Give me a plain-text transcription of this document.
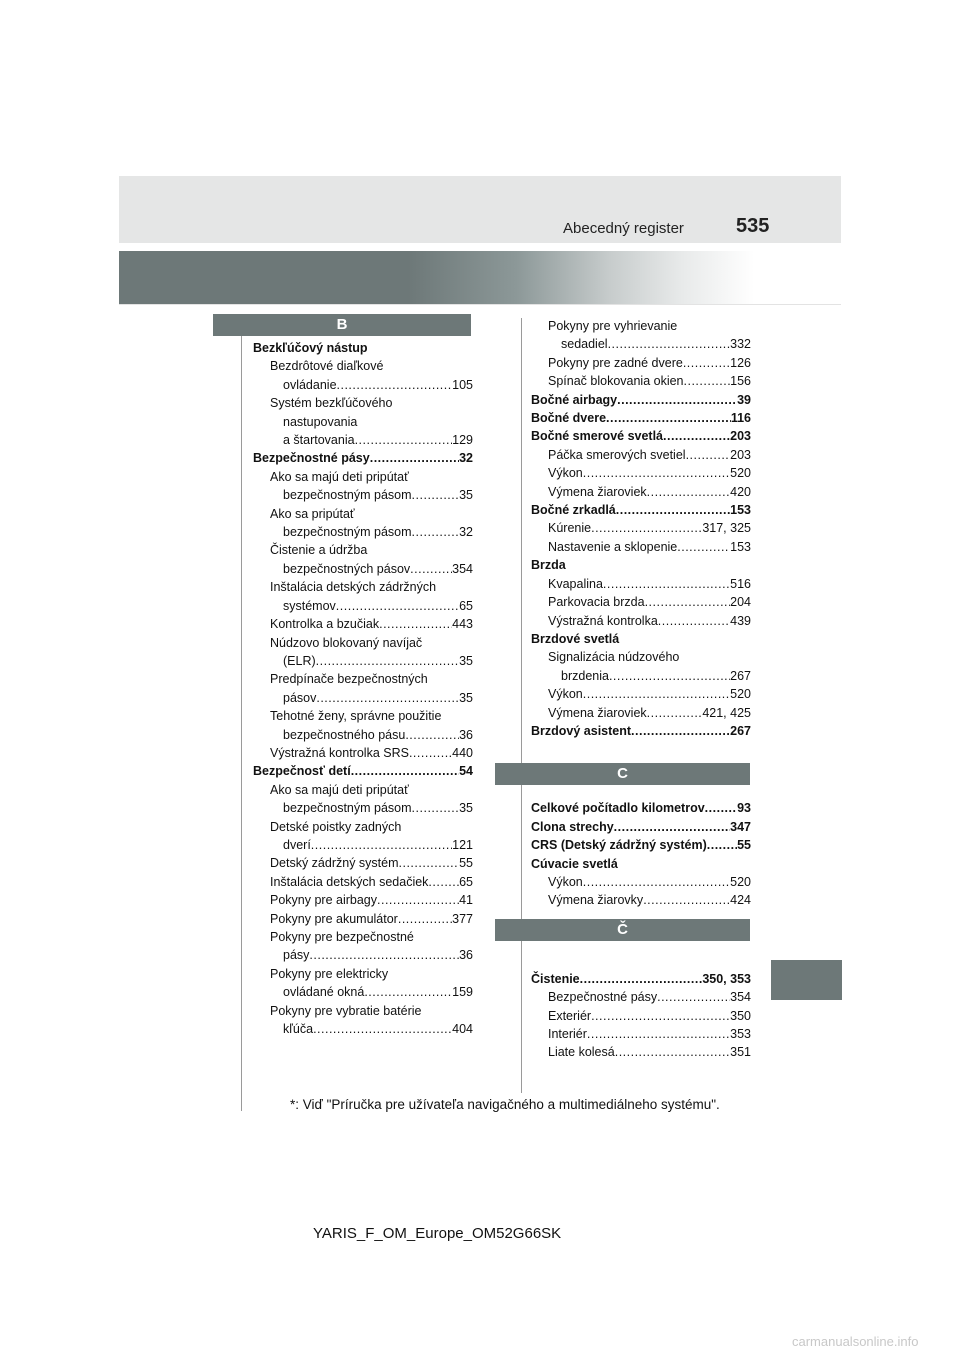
Abecedný register	535
B
Bezkľúčový nástup
Bezdrôtové diaľkové
ovládanie .....	105
Systém bezkľúčového
nastupovania
a štartovania .....	129
Bezpečnostné pásy .....	32
Ako sa majú deti pripútať
bezpečnostným pásom .....	35
Ako sa pripútať
bezpečnostným pásom .....	32
Čistenie a údržba
bezpečnostných pásov .....	354
Inštalácia detských zádržných
systémov .....	65
Kontrolka a bzučiak .....	443
Núdzovo blokovaný navíjač
(ELR) .....	35
Predpínače bezpečnostných
pásov .....	35
Tehotné ženy, správne použitie
bezpečnostného pásu .....	36
Výstražná kontrolka SRS .....	440
Bezpečnosť detí .....	54
Ako sa majú deti pripútať
bezpečnostným pásom .....	35
Detské poistky zadných
dverí .....	121
Detský zádržný systém .....	55
Inštalácia detských sedačiek ..... 65
Pokyny pre airbagy .....	41
Pokyny pre akumulátor .....	377
Pokyny pre bezpečnostné
pásy .....	36
Pokyny pre elektricky
ovládané okná .....	159
Pokyny pre vybratie batérie
kľúča .....	404
Pokyny pre vyhrievanie
sedadiel .....	332
Pokyny pre zadné dvere .....	126
Spínač blokovania okien .....	156
Bočné airbagy .....	39
Bočné dvere .....	116
Bočné smerové svetlá .....	203
Páčka smerových svetiel .....	203
Výkon .....	520
Výmena žiaroviek .....	420
Bočné zrkadlá .....	153
Kúrenie .....	317, 325
Nastavenie a sklopenie .....	153
Brzda
Kvapalina .....	516
Parkovacia brzda .....	204
Výstražná kontrolka .....	439
Brzdové svetlá
Signalizácia núdzového
brzdenia .....	267
Výkon .....	520
Výmena žiaroviek .....	421, 425
Brzdový asistent .....	267
Celkové počítadlo kilometrov .....	93
Clona strechy .....	347
CRS (Detský zádržný systém) ..... 55
Cúvacie svetlá
Výkon .....	520
Výmena žiarovky .....	424
Čistenie .....	350, 353
Bezpečnostné pásy .....	354
Exteriér .....	350
Interiér .....	353
Liate kolesá .....	351
C
Č
*: Viď "Príručka pre užívateľa navigačného a multimediálneho systému".
YARIS_F_OM_Europe_OM52G66SK
carmanualsonline.info
